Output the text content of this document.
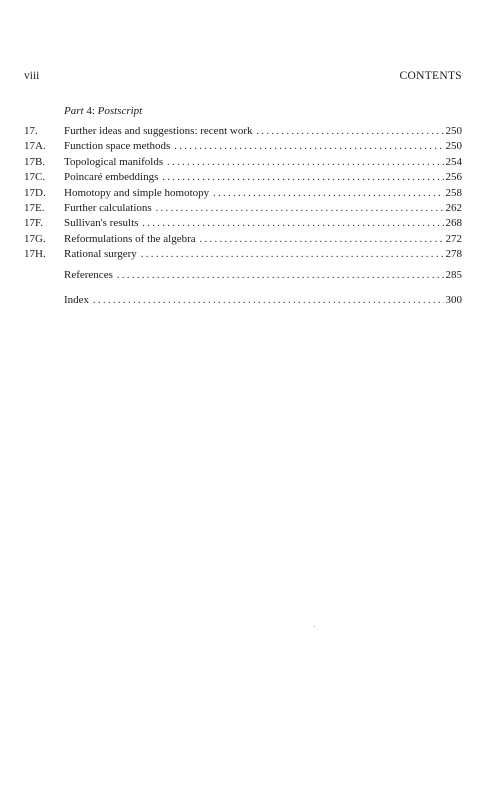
viii	CONTENTS
Part 4: Postscript
17.	Further ideas and suggestions: recent work . . .	250
17A.	Function space methods . . .	250
17B.	Topological manifolds . . .	254
17C.	Poincaré embeddings . . .	256
17D.	Homotopy and simple homotopy . . .	258
17E.	Further calculations . . .	262
17F.	Sullivan's results . . .	268
17G.	Reformulations of the algebra . . .	272
17H.	Rational surgery . . .	278
References . . .	285
Index . . .	300
